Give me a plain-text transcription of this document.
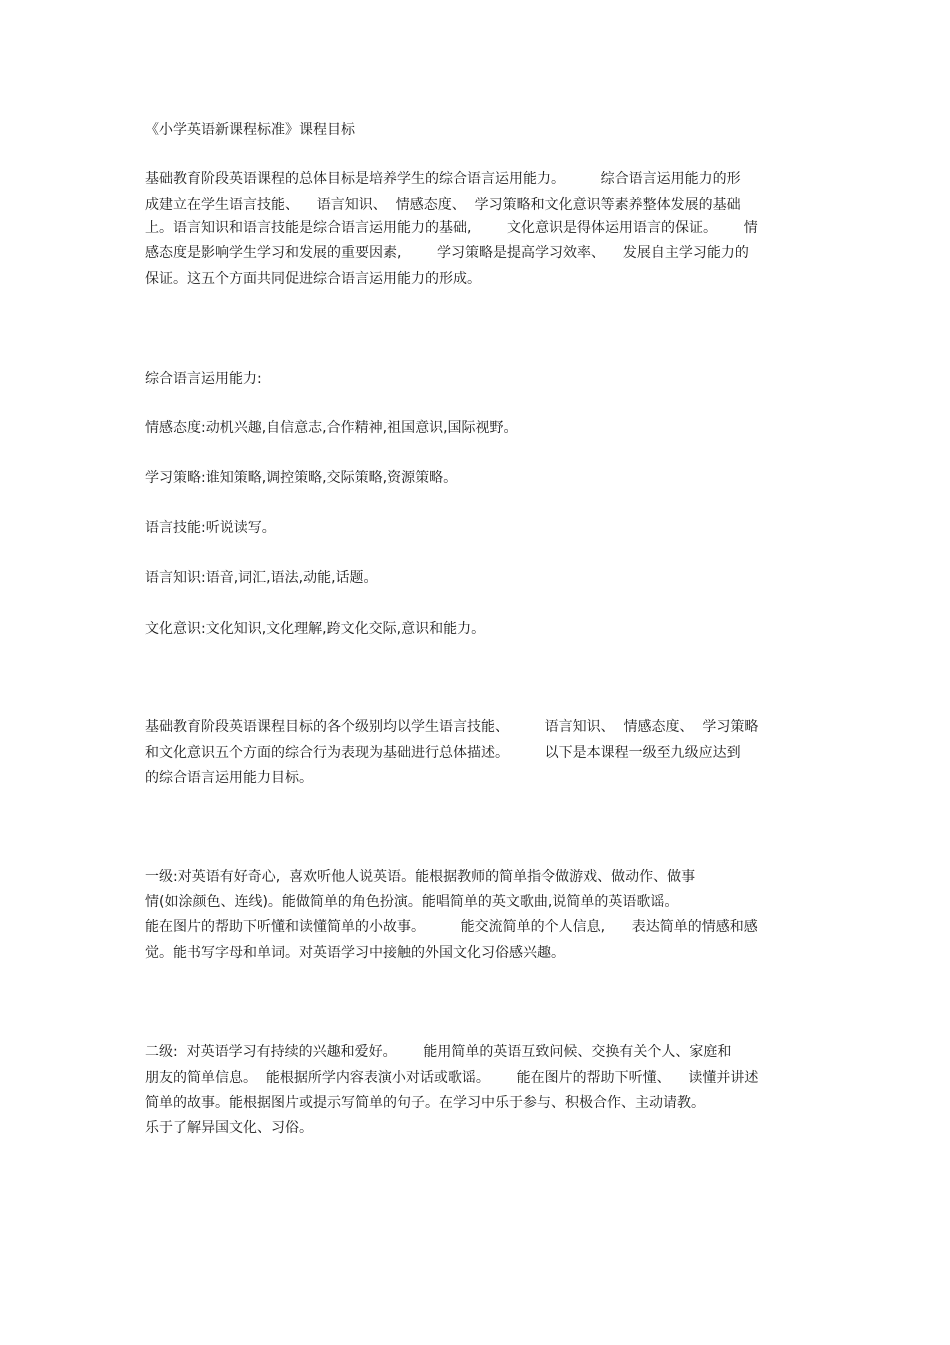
《小学英语新课程标准》课程目标
基础教育阶段英语课程的总体目标是培养学生的综合语言运用能力。        综合语言运用能力的形
成建立在学生语言技能、    语言知识、  情感态度、  学习策略和文化意识等素养整体发展的基础
上。语言知识和语言技能是综合语言运用能力的基础,        文化意识是得体运用语言的保证。      情
感态度是影响学生学习和发展的重要因素,        学习策略是提高学习效率、    发展自主学习能力的
保证。这五个方面共同促进综合语言运用能力的形成。
综合语言运用能力:
情感态度:动机兴趣,自信意志,合作精神,祖国意识,国际视野。
学习策略:谁知策略,调控策略,交际策略,资源策略。
语言技能:听说读写。
语言知识:语音,词汇,语法,动能,话题。
文化意识:文化知识,文化理解,跨文化交际,意识和能力。
基础教育阶段英语课程目标的各个级别均以学生语言技能、        语言知识、  情感态度、  学习策略
和文化意识五个方面的综合行为表现为基础进行总体描述。        以下是本课程一级至九级应达到
的综合语言运用能力目标。
一级:对英语有好奇心,  喜欢听他人说英语。能根据教师的简单指令做游戏、做动作、做事
情(如涂颜色、连线)。能做简单的角色扮演。能唱简单的英文歌曲,说简单的英语歌谣。
能在图片的帮助下听懂和读懂简单的小故事。        能交流简单的个人信息,      表达简单的情感和感
觉。能书写字母和单词。对英语学习中接触的外国文化习俗感兴趣。
二级:  对英语学习有持续的兴趣和爱好。      能用简单的英语互致问候、交换有关个人、家庭和
朋友的简单信息。  能根据所学内容表演小对话或歌谣。      能在图片的帮助下听懂、    读懂并讲述
简单的故事。能根据图片或提示写简单的句子。在学习中乐于参与、积极合作、主动请教。
乐于了解异国文化、习俗。
